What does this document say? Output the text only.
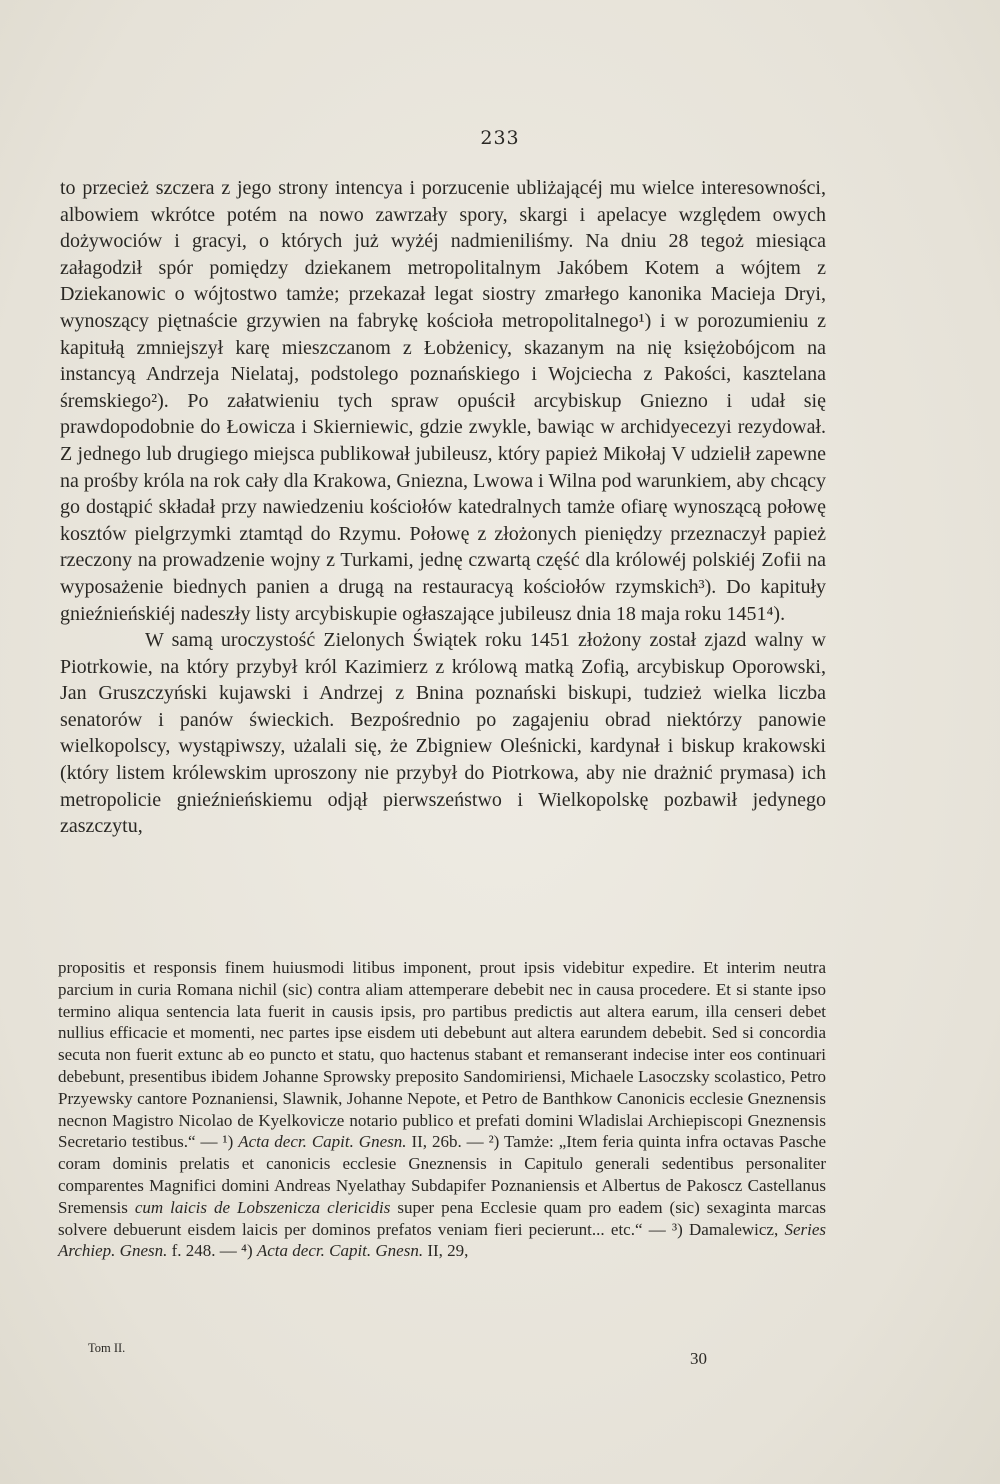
233

to przecież szczera z jego strony intencya i porzucenie ubliżającéj mu wielce interesowności, albowiem wkrótce potém na nowo zawrzały spory, skargi i apelacye względem owych dożywociów i gracyi, o których już wyżéj nadmieniliśmy. Na dniu 28 tegoż miesiąca załagodził spór pomiędzy dziekanem metropolitalnym Jakóbem Kotem a wójtem z Dziekanowic o wójtostwo tamże; przekazał legat siostry zmarłego kanonika Macieja Dryi, wynoszący piętnaście grzywien na fabrykę kościoła metropolitalnego¹) i w porozumieniu z kapitułą zmniejszył karę mieszczanom z Łobżenicy, skazanym na nię księżobójcom na instancyą Andrzeja Nielataj, podstolego poznańskiego i Wojciecha z Pakości, kasztelana śremskiego²). Po załatwieniu tych spraw opuścił arcybiskup Gniezno i udał się prawdopodobnie do Łowicza i Skierniewic, gdzie zwykle, bawiąc w archidyecezyi rezydował. Z jednego lub drugiego miejsca publikował jubileusz, który papież Mikołaj V udzielił zapewne na prośby króla na rok cały dla Krakowa, Gniezna, Lwowa i Wilna pod warunkiem, aby chcący go dostąpić składał przy nawiedzeniu kościołów katedralnych tamże ofiarę wynoszącą połowę kosztów pielgrzymki ztamtąd do Rzymu. Połowę z złożonych pieniędzy przeznaczył papież rzeczony na prowadzenie wojny z Turkami, jednę czwartą część dla królowéj polskiéj Zofii na wyposażenie biednych panien a drugą na restauracyą kościołów rzymskich³). Do kapituły gnieźnieńskiéj nadeszły listy arcybiskupie ogłaszające jubileusz dnia 18 maja roku 1451⁴).

W samą uroczystość Zielonych Świątek roku 1451 złożony został zjazd walny w Piotrkowie, na który przybył król Kazimierz z królową matką Zofią, arcybiskup Oporowski, Jan Gruszczyński kujawski i Andrzej z Bnina poznański biskupi, tudzież wielka liczba senatorów i panów świeckich. Bezpośrednio po zagajeniu obrad niektórzy panowie wielkopolscy, wystąpiwszy, użalali się, że Zbigniew Oleśnicki, kardynał i biskup krakowski (który listem królewskim uproszony nie przybył do Piotrkowa, aby nie drażnić prymasa) ich metropolicie gnieźnieńskiemu odjął pierwszeństwo i Wielkopolskę pozbawił jedynego zaszczytu,

propositis et responsis finem huiusmodi litibus imponent, prout ipsis videbitur expedire. Et interim neutra parcium in curia Romana nichil (sic) contra aliam attemperare debebit nec in causa procedere. Et si stante ipso termino aliqua sentencia lata fuerit in causis ipsis, pro partibus predictis aut altera earum, illa censeri debet nullius efficacie et momenti, nec partes ipse eisdem uti debebunt aut altera earundem debebit. Sed si concordia secuta non fuerit extunc ab eo puncto et statu, quo hactenus stabant et remanserant indecise inter eos continuari debebunt, presentibus ibidem Johanne Sprowsky preposito Sandomiriensi, Michaele Lasoczsky scolastico, Petro Przyewsky cantore Poznaniensi, Slawnik, Johanne Nepote, et Petro de Banthkow Canonicis ecclesie Gneznensis necnon Magistro Nicolao de Kyelkovicze notario publico et prefati domini Wladislai Archiepiscopi Gneznensis Secretario testibus.“ — ¹) Acta decr. Capit. Gnesn. II, 26b. — ²) Tamże: „Item feria quinta infra octavas Pasche coram dominis prelatis et canonicis ecclesie Gneznensis in Capitulo generali sedentibus personaliter comparentes Magnifici domini Andreas Nyelathay Subdapifer Poznaniensis et Albertus de Pakoscz Castellanus Sremensis cum laicis de Lobszenicza clericidis super pena Ecclesie quam pro eadem (sic) sexaginta marcas solvere debuerunt eisdem laicis per dominos prefatos veniam fieri pecierunt... etc.“ — ³) Damalewicz, Series Archiep. Gnesn. f. 248. — ⁴) Acta decr. Capit. Gnesn. II, 29,
Tom II.
30
